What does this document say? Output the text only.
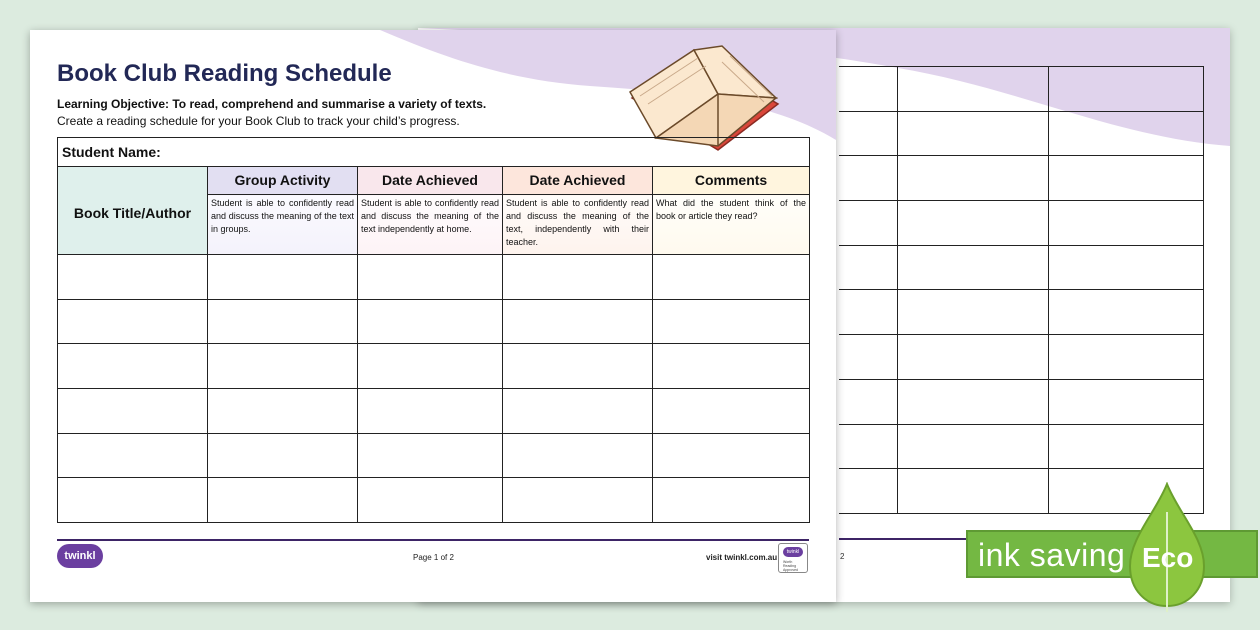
2
Book Club Reading Schedule
Learning Objective: To read, comprehend and summarise a variety of texts.
Create a reading schedule for your Book Club to track your child’s progress.
Student Name:				
Book Title/Author	Group Activity	Date Achieved	Date Achieved	Comments
	Student is able to confidently read and discuss the meaning of the text in groups.	Student is able to confidently read and discuss the meaning of the text independently at home.	Student is able to confidently read and discuss the meaning of the text, independently with their teacher.	What did the student think of the book or article they read?

twinkl	Page 1 of 2	visit twinkl.com.au
twinkl
Worth Reading Approved	ink saving Eco
